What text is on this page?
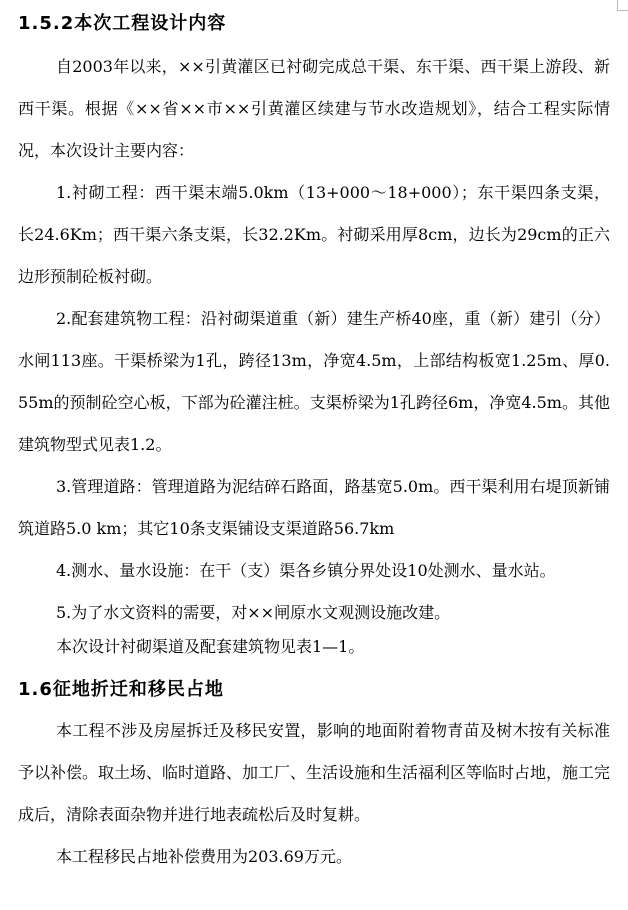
1.5.2本次工程设计内容

自2003年以来，××引黄灌区已衬砌完成总干渠、东干渠、西干渠上游段、新西干渠。根据《××省××市××引黄灌区续建与节水改造规划》，结合工程实际情况，本次设计主要内容：

1.衬砌工程：西干渠末端5.0km（13+000～18+000）；东干渠四条支渠，长24.6Km；西干渠六条支渠，长32.2Km。衬砌采用厚8cm，边长为29cm的正六边形预制砼板衬砌。

2.配套建筑物工程：沿衬砌渠道重（新）建生产桥40座，重（新）建引（分）水闸113座。干渠桥梁为1孔，跨径13m，净宽4.5m，上部结构板宽1.25m、厚0.55m的预制砼空心板，下部为砼灌注桩。支渠桥梁为1孔跨径6m，净宽4.5m。其他建筑物型式见表1.2。

3.管理道路：管理道路为泥结碎石路面，路基宽5.0m。西干渠利用右堤顶新铺筑道路5.0 km；其它10条支渠铺设支渠道路56.7km

4.测水、量水设施：在干（支）渠各乡镇分界处设10处测水、量水站。

5.为了水文资料的需要，对××闸原水文观测设施改建。

本次设计衬砌渠道及配套建筑物见表1—1。

1.6征地折迁和移民占地

本工程不涉及房屋拆迁及移民安置，影响的地面附着物青苗及树木按有关标准予以补偿。取土场、临时道路、加工厂、生活设施和生活福利区等临时占地，施工完成后，清除表面杂物并进行地表疏松后及时复耕。

本工程移民占地补偿费用为203.69万元。
